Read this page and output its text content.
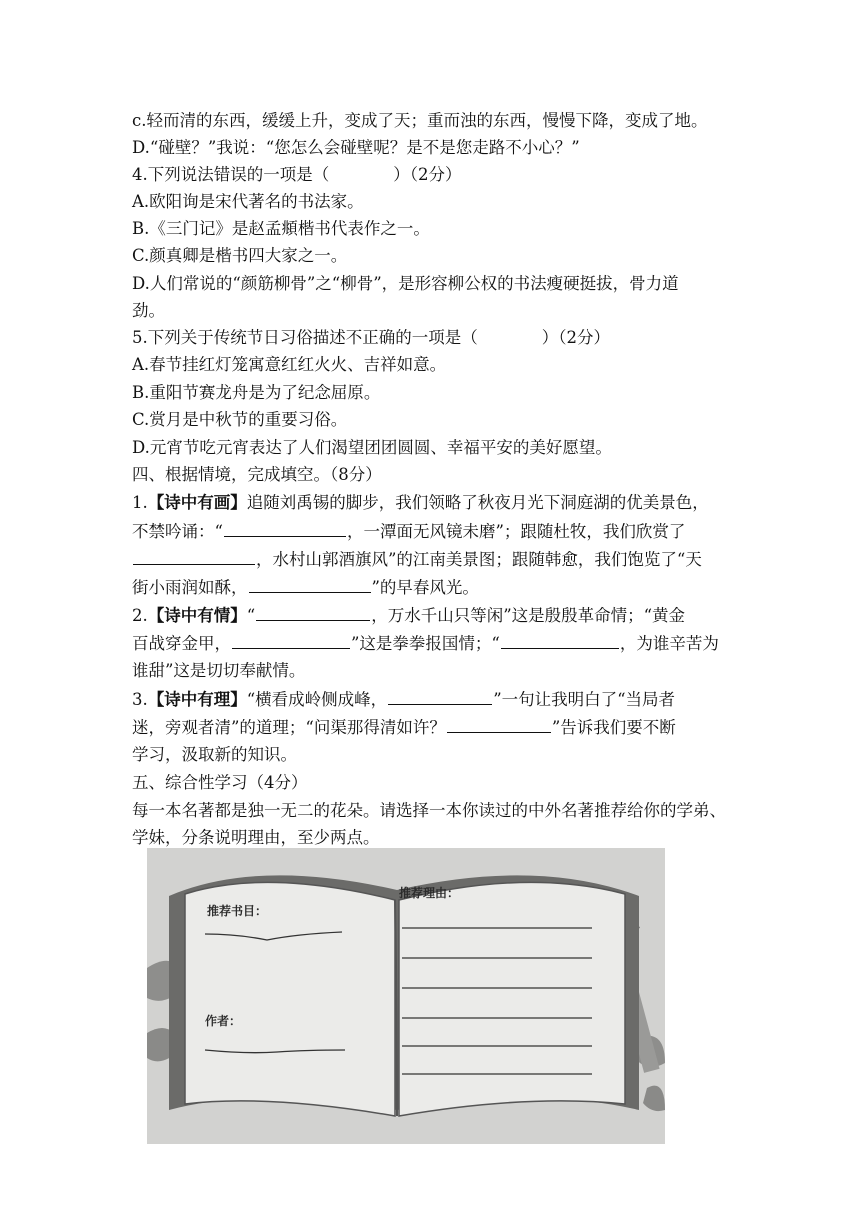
c.轻而清的东西，缓缓上升，变成了天；重而浊的东西，慢慢下降，变成了地。
D.“碰壁？”我说：“您怎么会碰壁呢？是不是您走路不小心？”
4.下列说法错误的一项是（	）（2分）
A.欧阳询是宋代著名的书法家。
B.《三门记》是赵孟頫楷书代表作之一。
C.颜真卿是楷书四大家之一。
D.人们常说的“颜筋柳骨”之“柳骨”，是形容柳公权的书法瘦硬挺拔，骨力道
劲。
5.下列关于传统节日习俗描述不正确的一项是（	）（2分）
A.春节挂红灯笼寓意红红火火、吉祥如意。
B.重阳节赛龙舟是为了纪念屈原。
C.赏月是中秋节的重要习俗。
D.元宵节吃元宵表达了人们渴望团团圆圆、幸福平安的美好愿望。
四、根据情境，完成填空。（8分）
1.【诗中有画】追随刘禹锡的脚步，我们领略了秋夜月光下洞庭湖的优美景色，
不禁吟诵：“	，一潭面无风镜未磨”；跟随杜牧，我们欣赏了
，水村山郭酒旗风”的江南美景图；跟随韩愈，我们饱览了“天
街小雨润如酥，	”的早春风光。
2.【诗中有情】“	，万水千山只等闲”这是殷殷革命情；“黄金
百战穿金甲，	”这是拳拳报国情；“	，为谁辛苦为
谁甜”这是切切奉献情。
3.【诗中有理】“横看成岭侧成峰，	”一句让我明白了“当局者
迷，旁观者清”的道理；“问渠那得清如许？	”告诉我们要不断
学习，汲取新的知识。
五、综合性学习（4分）
每一本名著都是独一无二的花朵。请选择一本你读过的中外名著推荐给你的学弟、
学妹，分条说明理由，至少两点。
推荐书目：
作者：
推荐理由：
